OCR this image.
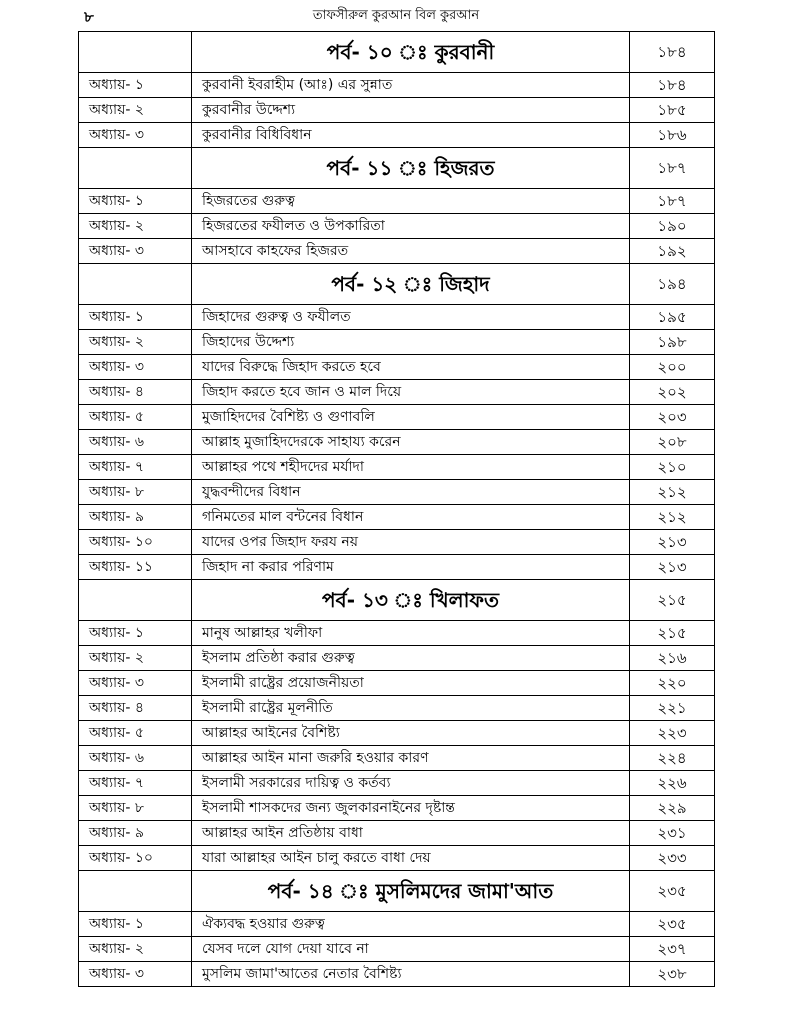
৮	তাফসীরুল কুরআন বিল কুরআন
	পর্ব- ১০ ঃ কুরবানী	১৮৪
অধ্যায়- ১	কুরবানী ইবরাহীম (আঃ) এর সুন্নাত	১৮৪
অধ্যায়- ২	কুরবানীর উদ্দেশ্য	১৮৫
অধ্যায়- ৩	কুরবানীর বিধিবিধান	১৮৬
	পর্ব- ১১ ঃ হিজরত	১৮৭
অধ্যায়- ১	হিজরতের গুরুত্ব	১৮৭
অধ্যায়- ২	হিজরতের ফযীলত ও উপকারিতা	১৯০
অধ্যায়- ৩	আসহাবে কাহফের হিজরত	১৯২
	পর্ব- ১২ ঃ জিহাদ	১৯৪
অধ্যায়- ১	জিহাদের গুরুত্ব ও ফযীলত	১৯৫
অধ্যায়- ২	জিহাদের উদ্দেশ্য	১৯৮
অধ্যায়- ৩	যাদের বিরুদ্ধে জিহাদ করতে হবে	২০০
অধ্যায়- ৪	জিহাদ করতে হবে জান ও মাল দিয়ে	২০২
অধ্যায়- ৫	মুজাহিদদের বৈশিষ্ট্য ও গুণাবলি	২০৩
অধ্যায়- ৬	আল্লাহ মুজাহিদদেরকে সাহায্য করেন	২০৮
অধ্যায়- ৭	আল্লাহর পথে শহীদদের মর্যাদা	২১০
অধ্যায়- ৮	যুদ্ধবন্দীদের বিধান	২১২
অধ্যায়- ৯	গনিমতের মাল বন্টনের বিধান	২১২
অধ্যায়- ১০	যাদের ওপর জিহাদ ফরয নয়	২১৩
অধ্যায়- ১১	জিহাদ না করার পরিণাম	২১৩
	পর্ব- ১৩ ঃ খিলাফত	২১৫
অধ্যায়- ১	মানুষ আল্লাহর খলীফা	২১৫
অধ্যায়- ২	ইসলাম প্রতিষ্ঠা করার গুরুত্ব	২১৬
অধ্যায়- ৩	ইসলামী রাষ্ট্রের প্রয়োজনীয়তা	২২০
অধ্যায়- ৪	ইসলামী রাষ্ট্রের মূলনীতি	২২১
অধ্যায়- ৫	আল্লাহর আইনের বৈশিষ্ট্য	২২৩
অধ্যায়- ৬	আল্লাহর আইন মানা জরুরি হওয়ার কারণ	২২৪
অধ্যায়- ৭	ইসলামী সরকারের দায়িত্ব ও কর্তব্য	২২৬
অধ্যায়- ৮	ইসলামী শাসকদের জন্য জুলকারনাইনের দৃষ্টান্ত	২২৯
অধ্যায়- ৯	আল্লাহর আইন প্রতিষ্ঠায় বাধা	২৩১
অধ্যায়- ১০	যারা আল্লাহর আইন চালু করতে বাধা দেয়	২৩৩
	পর্ব- ১৪ ঃ মুসলিমদের জামা'আত	২৩৫
অধ্যায়- ১	ঐক্যবদ্ধ হওয়ার গুরুত্ব	২৩৫
অধ্যায়- ২	যেসব দলে যোগ দেয়া যাবে না	২৩৭
অধ্যায়- ৩	মুসলিম জামা'আতের নেতার বৈশিষ্ট্য	২৩৮
